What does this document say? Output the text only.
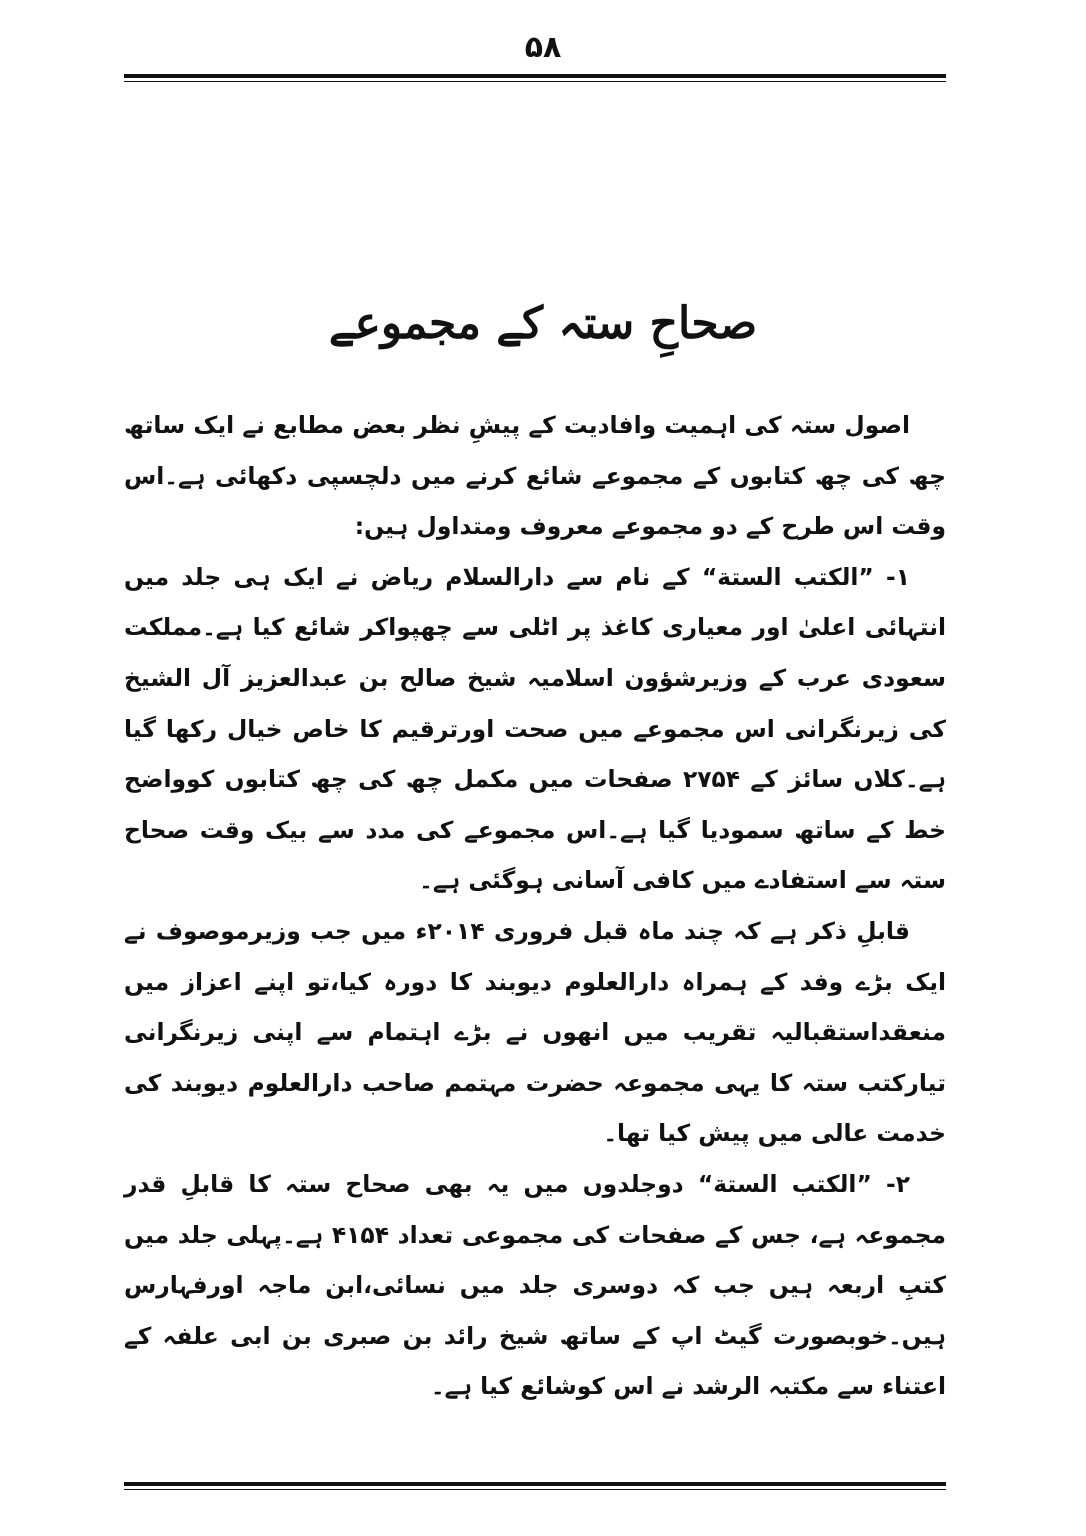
۵۸
صحاحِ ستہ کے مجموعے

اصول ستہ کی اہمیت وافادیت کے پیشِ نظر بعض مطابع نے ایک ساتھ چھ کی چھ کتابوں کے مجموعے شائع کرنے میں دلچسپی دکھائی ہے۔اس وقت اس طرح کے دو مجموعے معروف ومتداول ہیں:

۱- ”الکتب الستة“ کے نام سے دارالسلام ریاض نے ایک ہی جلد میں انتہائی اعلیٰ اور معیاری کاغذ پر اٹلی سے چھپواکر شائع کیا ہے۔مملکت سعودی عرب کے وزیرشؤون اسلامیہ شیخ صالح بن عبدالعزیز آل الشیخ کی زیرنگرانی اس مجموعے میں صحت اورترقیم کا خاص خیال رکھا گیا ہے۔کلاں سائز کے ۲۷۵۴ صفحات میں مکمل چھ کی چھ کتابوں کوواضح خط کے ساتھ سمودیا گیا ہے۔اس مجموعے کی مدد سے بیک وقت صحاح ستہ سے استفادے میں کافی آسانی ہوگئی ہے۔

قابلِ ذکر ہے کہ چند ماہ قبل فروری ۲۰۱۴ء میں جب وزیرموصوف نے ایک بڑے وفد کے ہمراہ دارالعلوم دیوبند کا دورہ کیا،تو اپنے اعزاز میں منعقداستقبالیہ تقریب میں انھوں نے بڑے اہتمام سے اپنی زیرنگرانی تیارکتب ستہ کا یہی مجموعہ حضرت مہتمم صاحب دارالعلوم دیوبند کی خدمت عالی میں پیش کیا تھا۔

۲- ”الکتب الستة“ دوجلدوں میں یہ بھی صحاح ستہ کا قابلِ قدر مجموعہ ہے، جس کے صفحات کی مجموعی تعداد ۴۱۵۴ ہے۔پہلی جلد میں کتبِ اربعہ ہیں جب کہ دوسری جلد میں نسائی،ابن ماجہ اورفہارس ہیں۔خوبصورت گیٹ اپ کے ساتھ شیخ رائد بن صبری بن ابی علفہ کے اعتناء سے مکتبہ الرشد نے اس کوشائع کیا ہے۔
